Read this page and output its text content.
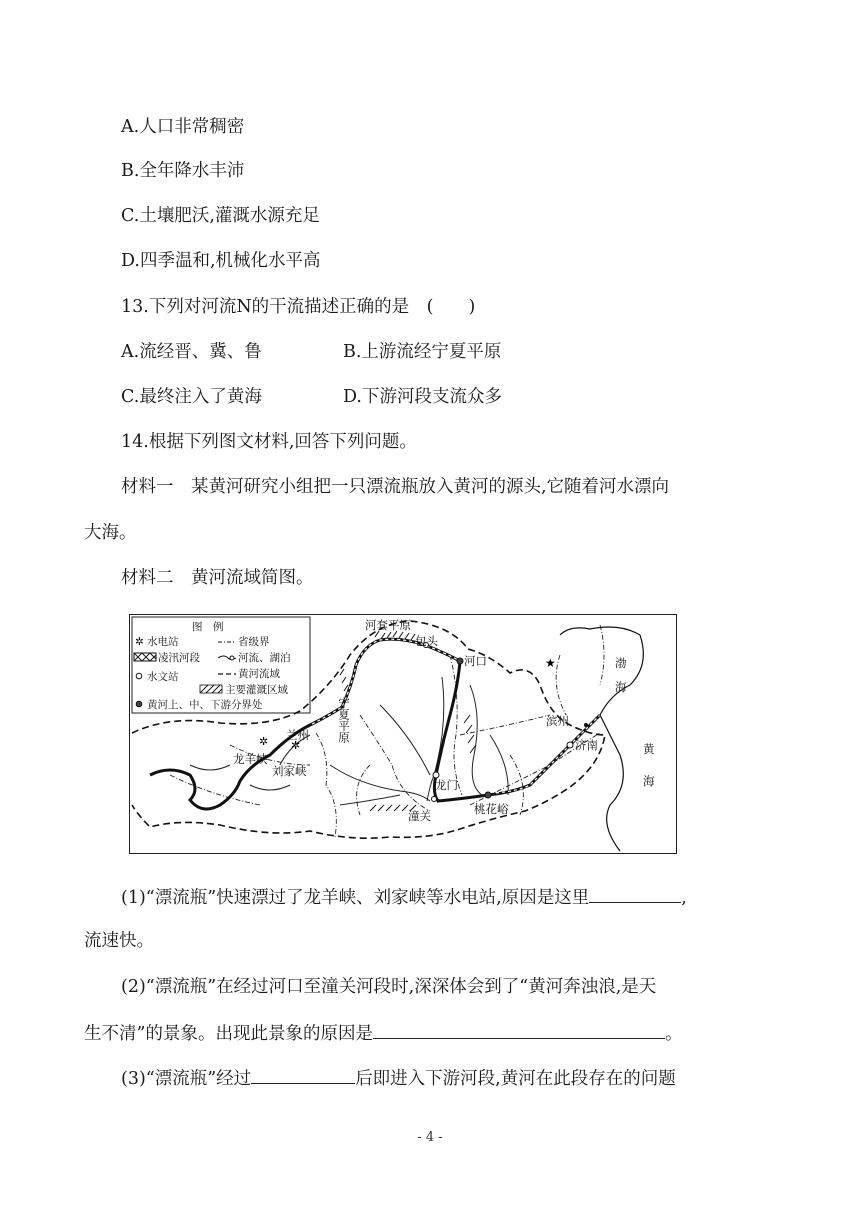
A.人口非常稠密
B.全年降水丰沛
C.土壤肥沃,灌溉水源充足
D.四季温和,机械化水平高
13.下列对河流N的干流描述正确的是　(　　)
A.流经晋、冀、鲁	B.上游流经宁夏平原
C.最终注入了黄海	D.下游河段支流众多
14.根据下列图文材料,回答下列问题。
材料一　某黄河研究小组把一只漂流瓶放入黄河的源头,它随着河水漂向
大海。
材料二　黄河流域简图。
图　例
✲ 水电站
凌汛河段
水文站
省级界
河流、湖泊
黄河流域
主要灌溉区域
黄河上、中、下游分界处
★
✲ ✲
河套平原
包头
河口
宁夏平原
兰州
龙羊峡
刘家峡
龙门
潼关	桃花峪
滨州
济南
渤
海
黄
海
(1)“漂流瓶”快速漂过了龙羊峡、刘家峡等水电站,原因是这里	,
流速快。
(2)“漂流瓶”在经过河口至潼关河段时,深深体会到了“黄河奔浊浪,是天
生不清”的景象。出现此景象的原因是	。
(3)“漂流瓶”经过	后即进入下游河段,黄河在此段存在的问题
- 4 -
